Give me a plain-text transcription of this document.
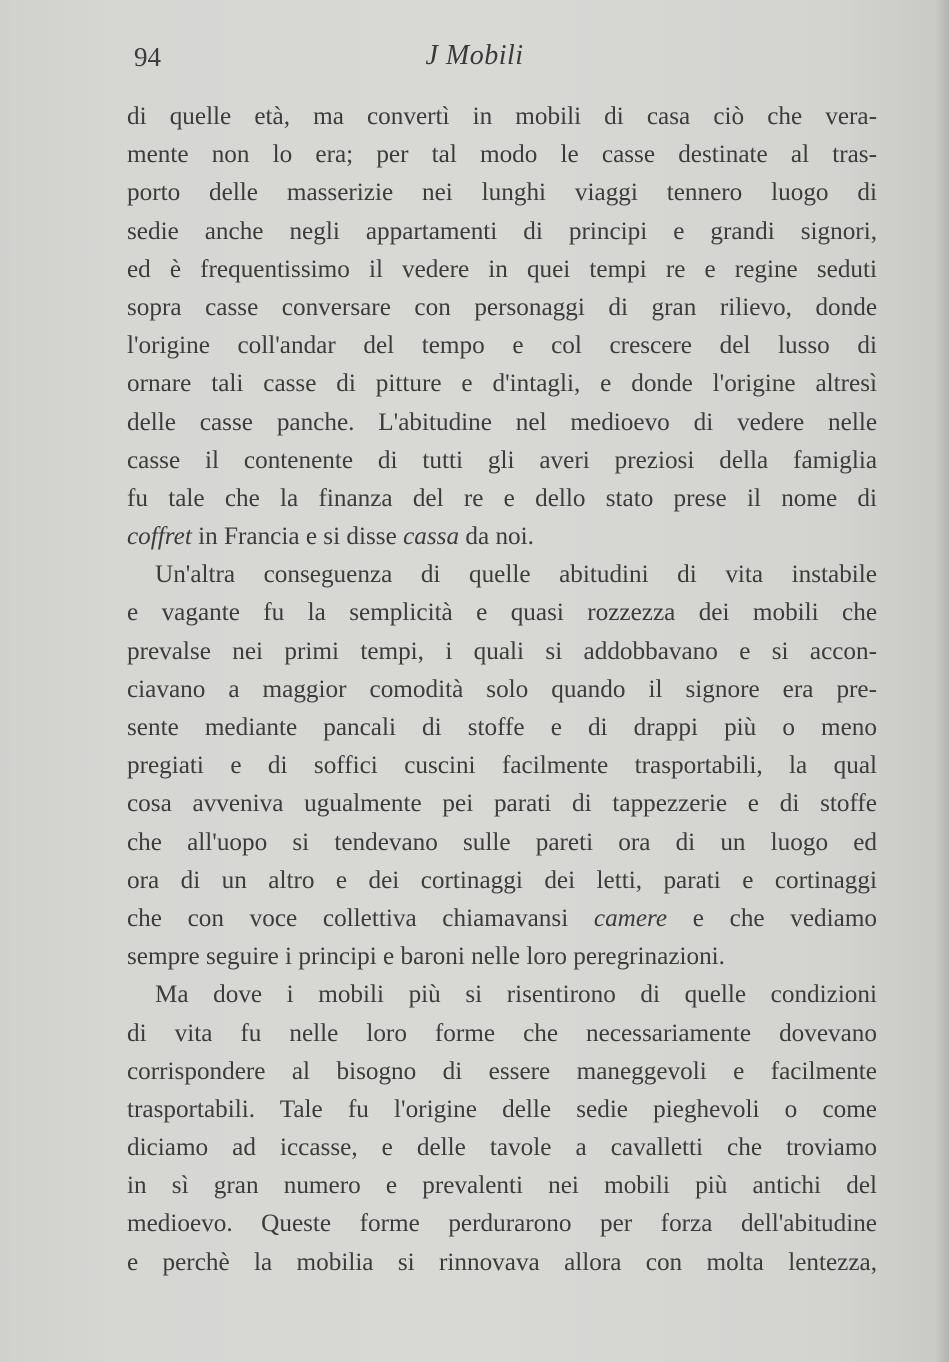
94	J Mobili
di quelle età, ma convertì in mobili di casa ciò che vera-
mente non lo era; per tal modo le casse destinate al tras-
porto delle masserizie nei lunghi viaggi tennero luogo di
sedie anche negli appartamenti di principi e grandi signori,
ed è frequentissimo il vedere in quei tempi re e regine seduti
sopra casse conversare con personaggi di gran rilievo, donde
l'origine coll'andar del tempo e col crescere del lusso di
ornare tali casse di pitture e d'intagli, e donde l'origine altresì
delle casse panche. L'abitudine nel medioevo di vedere nelle
casse il contenente di tutti gli averi preziosi della famiglia
fu tale che la finanza del re e dello stato prese il nome di
coffret in Francia e si disse cassa da noi.
Un'altra conseguenza di quelle abitudini di vita instabile
e vagante fu la semplicità e quasi rozzezza dei mobili che
prevalse nei primi tempi, i quali si addobbavano e si accon-
ciavano a maggior comodità solo quando il signore era pre-
sente mediante pancali di stoffe e di drappi più o meno
pregiati e di soffici cuscini facilmente trasportabili, la qual
cosa avveniva ugualmente pei parati di tappezzerie e di stoffe
che all'uopo si tendevano sulle pareti ora di un luogo ed
ora di un altro e dei cortinaggi dei letti, parati e cortinaggi
che con voce collettiva chiamavansi camere e che vediamo
sempre seguire i principi e baroni nelle loro peregrinazioni.
Ma dove i mobili più si risentirono di quelle condizioni
di vita fu nelle loro forme che necessariamente dovevano
corrispondere al bisogno di essere maneggevoli e facilmente
trasportabili. Tale fu l'origine delle sedie pieghevoli o come
diciamo ad iccasse, e delle tavole a cavalletti che troviamo
in sì gran numero e prevalenti nei mobili più antichi del
medioevo. Queste forme perdurarono per forza dell'abitudine
e perchè la mobilia si rinnovava allora con molta lentezza,
